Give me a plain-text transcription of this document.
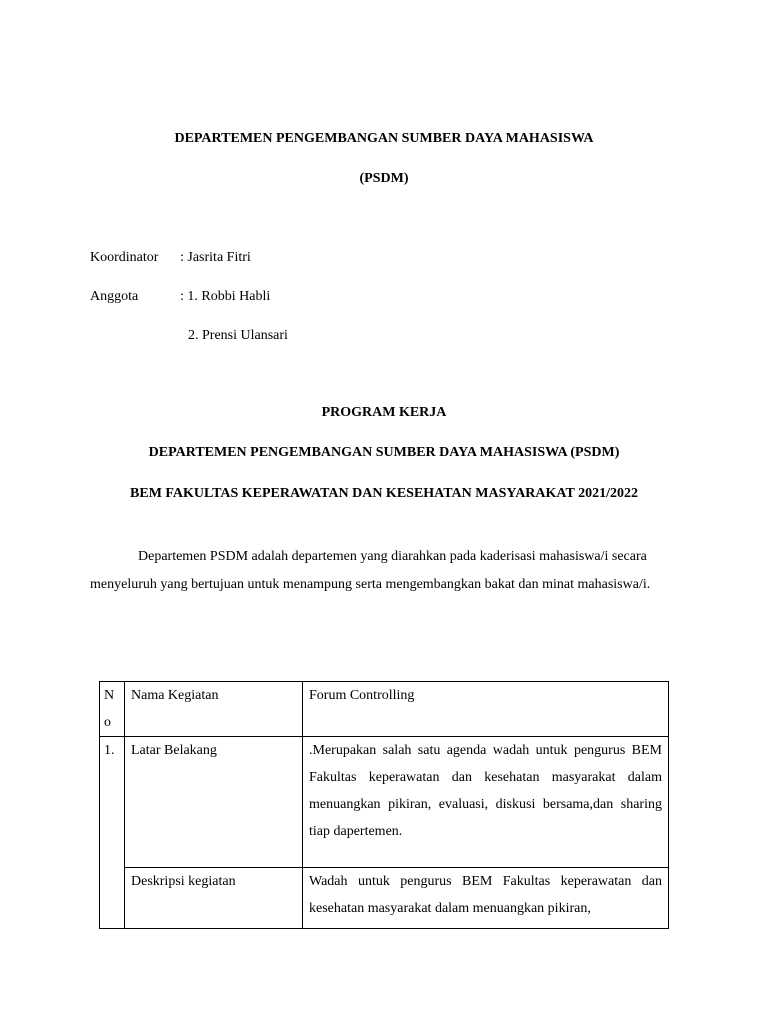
DEPARTEMEN PENGEMBANGAN SUMBER DAYA MAHASISWA
(PSDM)
Koordinator : Jasrita Fitri
Anggota	: 1. Robbi Habli
2. Prensi Ulansari
PROGRAM KERJA
DEPARTEMEN PENGEMBANGAN SUMBER DAYA MAHASISWA (PSDM)
BEM FAKULTAS KEPERAWATAN DAN KESEHATAN MASYARAKAT 2021/2022
Departemen PSDM adalah departemen yang diarahkan pada kaderisasi mahasiswa/i secara menyeluruh yang bertujuan untuk menampung serta mengembangkan bakat dan minat mahasiswa/i.
No	Nama Kegiatan	Forum Controlling
1.	Latar Belakang	.Merupakan salah satu agenda wadah untuk pengurus BEM Fakultas keperawatan dan kesehatan masyarakat dalam menuangkan pikiran, evaluasi, diskusi bersama,dan sharing tiap dapertemen.
	Deskripsi kegiatan	Wadah untuk pengurus BEM Fakultas keperawatan dan kesehatan masyarakat dalam menuangkan pikiran,
